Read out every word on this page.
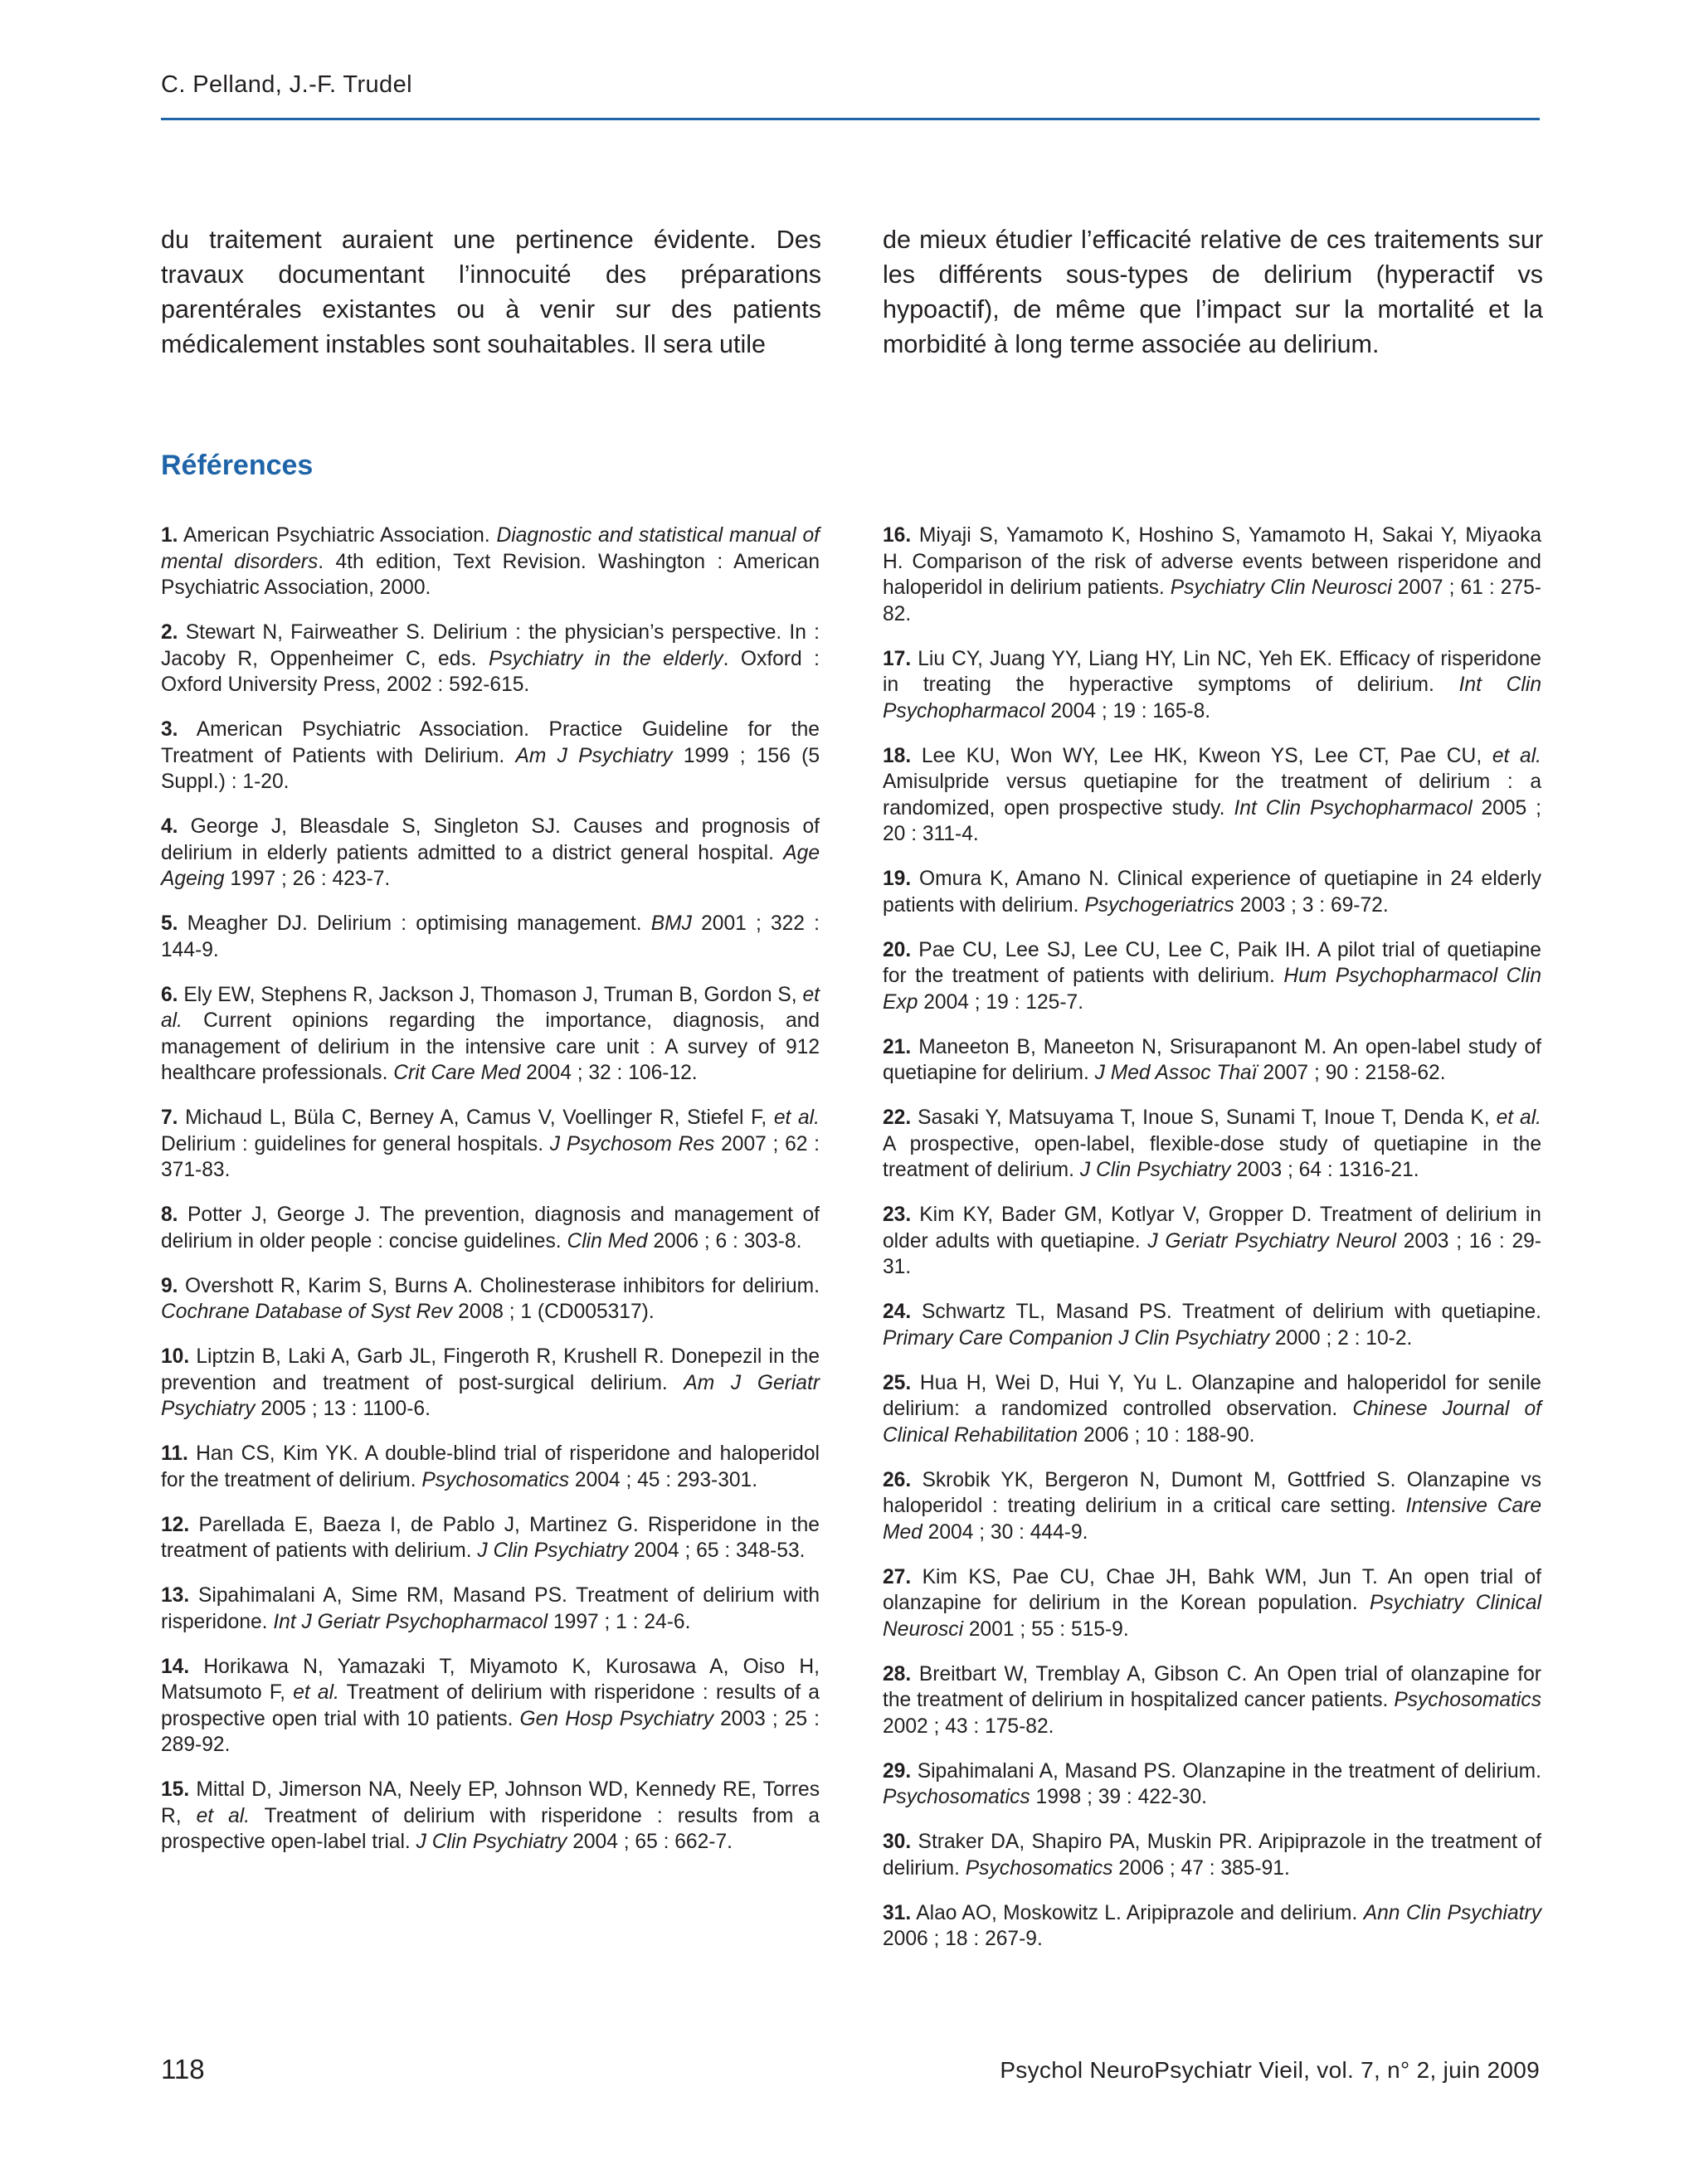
C. Pelland, J.-F. Trudel
du traitement auraient une pertinence évidente. Des travaux documentant l’innocuité des préparations parentérales existantes ou à venir sur des patients médicalement instables sont souhaitables. Il sera utile
de mieux étudier l’efficacité relative de ces traitements sur les différents sous-types de delirium (hyperactif vs hypoactif), de même que l’impact sur la mortalité et la morbidité à long terme associée au delirium.
Références

1. American Psychiatric Association. Diagnostic and statistical manual of mental disorders. 4th edition, Text Revision. Washington : American Psychiatric Association, 2000.

2. Stewart N, Fairweather S. Delirium : the physician’s perspective. In : Jacoby R, Oppenheimer C, eds. Psychiatry in the elderly. Oxford : Oxford University Press, 2002 : 592-615.

3. American Psychiatric Association. Practice Guideline for the Treatment of Patients with Delirium. Am J Psychiatry 1999 ; 156 (5 Suppl.) : 1-20.

4. George J, Bleasdale S, Singleton SJ. Causes and prognosis of delirium in elderly patients admitted to a district general hospital. Age Ageing 1997 ; 26 : 423-7.

5. Meagher DJ. Delirium : optimising management. BMJ 2001 ; 322 : 144-9.

6. Ely EW, Stephens R, Jackson J, Thomason J, Truman B, Gordon S, et al. Current opinions regarding the importance, diagnosis, and management of delirium in the intensive care unit : A survey of 912 healthcare professionals. Crit Care Med 2004 ; 32 : 106-12.

7. Michaud L, Büla C, Berney A, Camus V, Voellinger R, Stiefel F, et al. Delirium : guidelines for general hospitals. J Psychosom Res 2007 ; 62 : 371-83.

8. Potter J, George J. The prevention, diagnosis and management of delirium in older people : concise guidelines. Clin Med 2006 ; 6 : 303-8.

9. Overshott R, Karim S, Burns A. Cholinesterase inhibitors for delirium. Cochrane Database of Syst Rev 2008 ; 1 (CD005317).

10. Liptzin B, Laki A, Garb JL, Fingeroth R, Krushell R. Donepezil in the prevention and treatment of post-surgical delirium. Am J Geriatr Psychiatry 2005 ; 13 : 1100-6.

11. Han CS, Kim YK. A double-blind trial of risperidone and haloperidol for the treatment of delirium. Psychosomatics 2004 ; 45 : 293-301.

12. Parellada E, Baeza I, de Pablo J, Martinez G. Risperidone in the treatment of patients with delirium. J Clin Psychiatry 2004 ; 65 : 348-53.

13. Sipahimalani A, Sime RM, Masand PS. Treatment of delirium with risperidone. Int J Geriatr Psychopharmacol 1997 ; 1 : 24-6.

14. Horikawa N, Yamazaki T, Miyamoto K, Kurosawa A, Oiso H, Matsumoto F, et al. Treatment of delirium with risperidone : results of a prospective open trial with 10 patients. Gen Hosp Psychiatry 2003 ; 25 : 289-92.

15. Mittal D, Jimerson NA, Neely EP, Johnson WD, Kennedy RE, Torres R, et al. Treatment of delirium with risperidone : results from a prospective open-label trial. J Clin Psychiatry 2004 ; 65 : 662-7.

16. Miyaji S, Yamamoto K, Hoshino S, Yamamoto H, Sakai Y, Miyaoka H. Comparison of the risk of adverse events between risperidone and haloperidol in delirium patients. Psychiatry Clin Neurosci 2007 ; 61 : 275-82.

17. Liu CY, Juang YY, Liang HY, Lin NC, Yeh EK. Efficacy of risperidone in treating the hyperactive symptoms of delirium. Int Clin Psychopharmacol 2004 ; 19 : 165-8.

18. Lee KU, Won WY, Lee HK, Kweon YS, Lee CT, Pae CU, et al. Amisulpride versus quetiapine for the treatment of delirium : a randomized, open prospective study. Int Clin Psychopharmacol 2005 ; 20 : 311-4.

19. Omura K, Amano N. Clinical experience of quetiapine in 24 elderly patients with delirium. Psychogeriatrics 2003 ; 3 : 69-72.

20. Pae CU, Lee SJ, Lee CU, Lee C, Paik IH. A pilot trial of quetiapine for the treatment of patients with delirium. Hum Psychopharmacol Clin Exp 2004 ; 19 : 125-7.

21. Maneeton B, Maneeton N, Srisurapanont M. An open-label study of quetiapine for delirium. J Med Assoc Thaï 2007 ; 90 : 2158-62.

22. Sasaki Y, Matsuyama T, Inoue S, Sunami T, Inoue T, Denda K, et al. A prospective, open-label, flexible-dose study of quetiapine in the treatment of delirium. J Clin Psychiatry 2003 ; 64 : 1316-21.

23. Kim KY, Bader GM, Kotlyar V, Gropper D. Treatment of delirium in older adults with quetiapine. J Geriatr Psychiatry Neurol 2003 ; 16 : 29-31.

24. Schwartz TL, Masand PS. Treatment of delirium with quetiapine. Primary Care Companion J Clin Psychiatry 2000 ; 2 : 10-2.

25. Hua H, Wei D, Hui Y, Yu L. Olanzapine and haloperidol for senile delirium: a randomized controlled observation. Chinese Journal of Clinical Rehabilitation 2006 ; 10 : 188-90.

26. Skrobik YK, Bergeron N, Dumont M, Gottfried S. Olanzapine vs haloperidol : treating delirium in a critical care setting. Intensive Care Med 2004 ; 30 : 444-9.

27. Kim KS, Pae CU, Chae JH, Bahk WM, Jun T. An open trial of olanzapine for delirium in the Korean population. Psychiatry Clinical Neurosci 2001 ; 55 : 515-9.

28. Breitbart W, Tremblay A, Gibson C. An Open trial of olanzapine for the treatment of delirium in hospitalized cancer patients. Psychosomatics 2002 ; 43 : 175-82.

29. Sipahimalani A, Masand PS. Olanzapine in the treatment of delirium. Psychosomatics 1998 ; 39 : 422-30.

30. Straker DA, Shapiro PA, Muskin PR. Aripiprazole in the treatment of delirium. Psychosomatics 2006 ; 47 : 385-91.

31. Alao AO, Moskowitz L. Aripiprazole and delirium. Ann Clin Psychiatry 2006 ; 18 : 267-9.

118	Psychol NeuroPsychiatr Vieil, vol. 7, n° 2, juin 2009
